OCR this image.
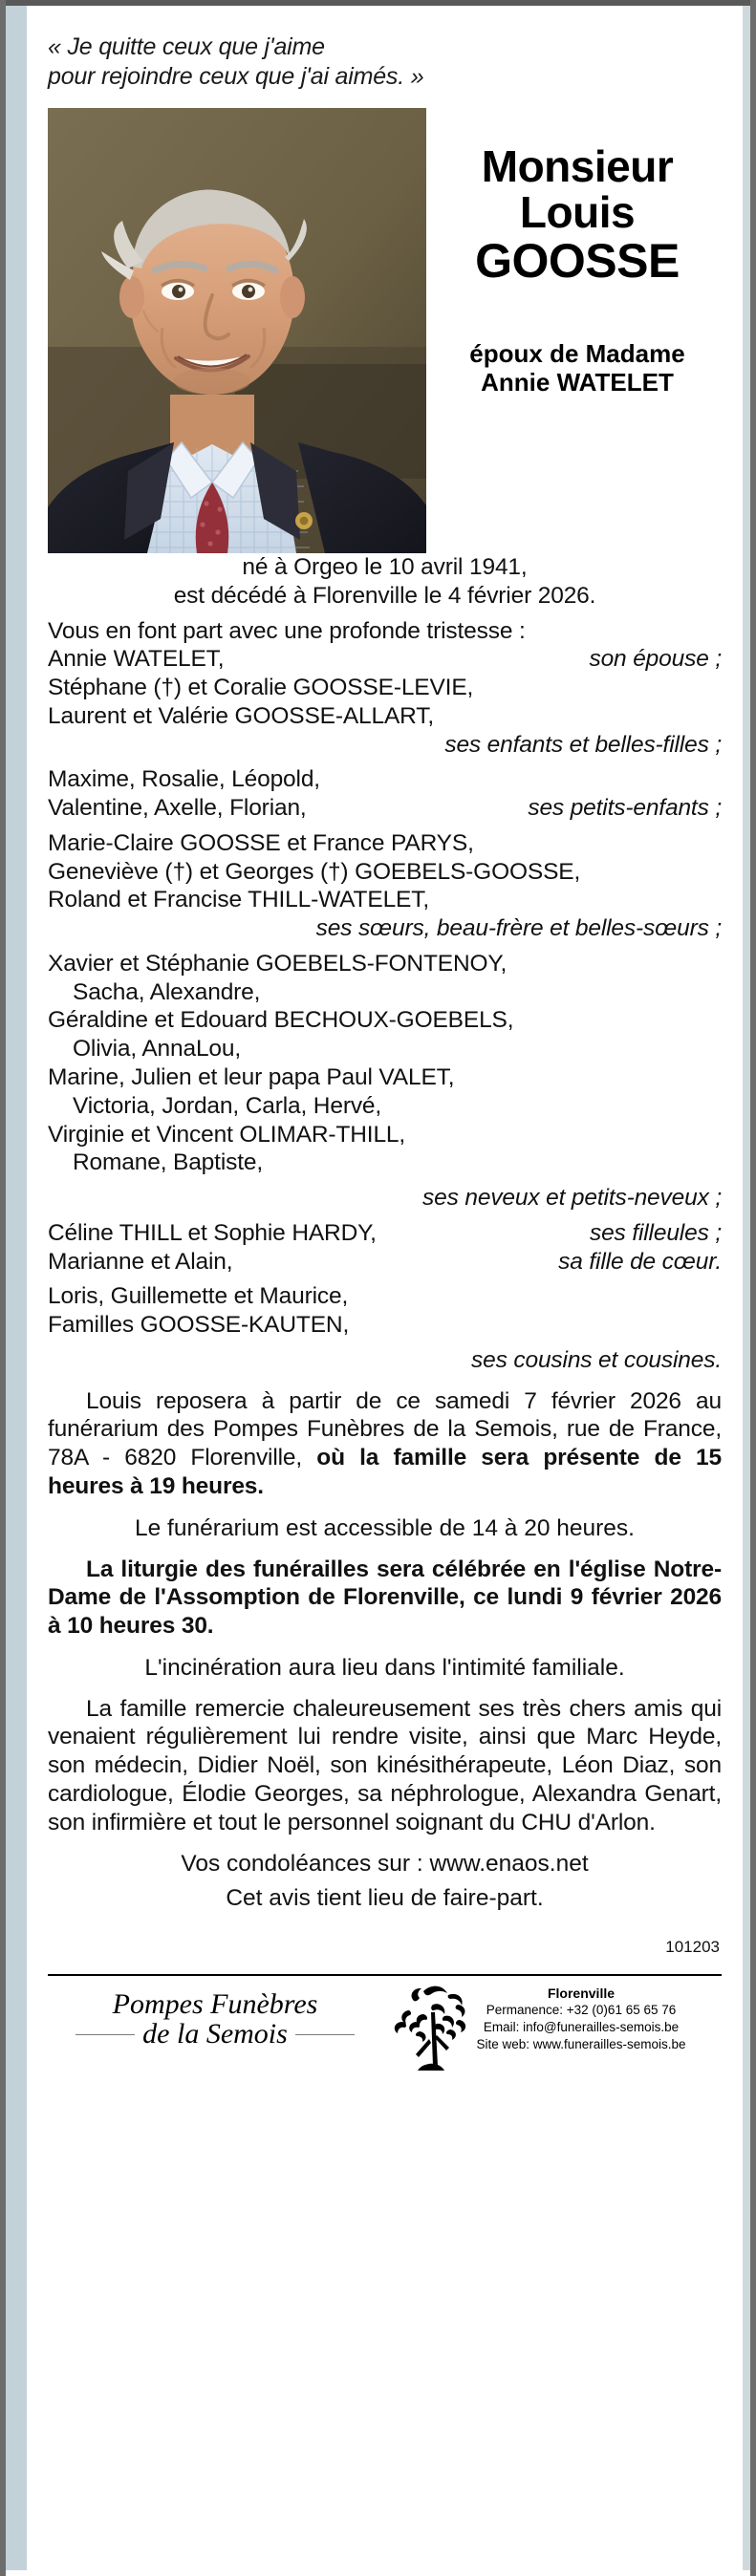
« Je quitte ceux que j'aime
pour rejoindre ceux que j'ai aimés. »
Monsieur
Louis
GOOSSE
époux de Madame
Annie WATELET
né à Orgeo le 10 avril 1941,
est décédé à Florenville le 4 février 2026.
Vous en font part avec une profonde tristesse :
Annie WATELET,	son épouse ;
Stéphane (†) et Coralie GOOSSE-LEVIE,
Laurent et Valérie GOOSSE-ALLART,
ses enfants et belles-filles ;
Maxime, Rosalie, Léopold,
Valentine, Axelle, Florian,	ses petits-enfants ;
Marie-Claire GOOSSE et France PARYS,
Geneviève (†) et Georges (†) GOEBELS-GOOSSE,
Roland et Francise THILL-WATELET,
ses sœurs, beau-frère et belles-sœurs ;
Xavier et Stéphanie GOEBELS-FONTENOY,
Sacha, Alexandre,
Géraldine et Edouard BECHOUX-GOEBELS,
Olivia, AnnaLou,
Marine, Julien et leur papa Paul VALET,
Victoria, Jordan, Carla, Hervé,
Virginie et Vincent OLIMAR-THILL,
Romane, Baptiste,
ses neveux et petits-neveux ;
Céline THILL et Sophie HARDY,	ses filleules ;
Marianne et Alain,	sa fille de cœur.
Loris, Guillemette et Maurice,
Familles GOOSSE-KAUTEN,
ses cousins et cousines.
Louis reposera à partir de ce samedi 7 février 2026 au funérarium des Pompes Funèbres de la Semois, rue de France, 78A - 6820 Florenville, où la famille sera présente de 15 heures à 19 heures.
Le funérarium est accessible de 14 à 20 heures.
La liturgie des funérailles sera célébrée en l'église Notre-Dame de l'Assomption de Florenville, ce lundi 9 février 2026 à 10 heures 30.
L'incinération aura lieu dans l'intimité familiale.
La famille remercie chaleureusement ses très chers amis qui venaient régulièrement lui rendre visite, ainsi que Marc Heyde, son médecin, Didier Noël, son kinésithérapeute, Léon Diaz, son cardiologue, Élodie Georges, sa néphrologue, Alexandra Genart, son infirmière et tout le personnel soignant du CHU d'Arlon.
Vos condoléances sur : www.enaos.net
Cet avis tient lieu de faire-part.
101203
Pompes Funèbres
de la Semois
Florenville
Permanence: +32 (0)61 65 65 76
Email: info@funerailles-semois.be
Site web: www.funerailles-semois.be
